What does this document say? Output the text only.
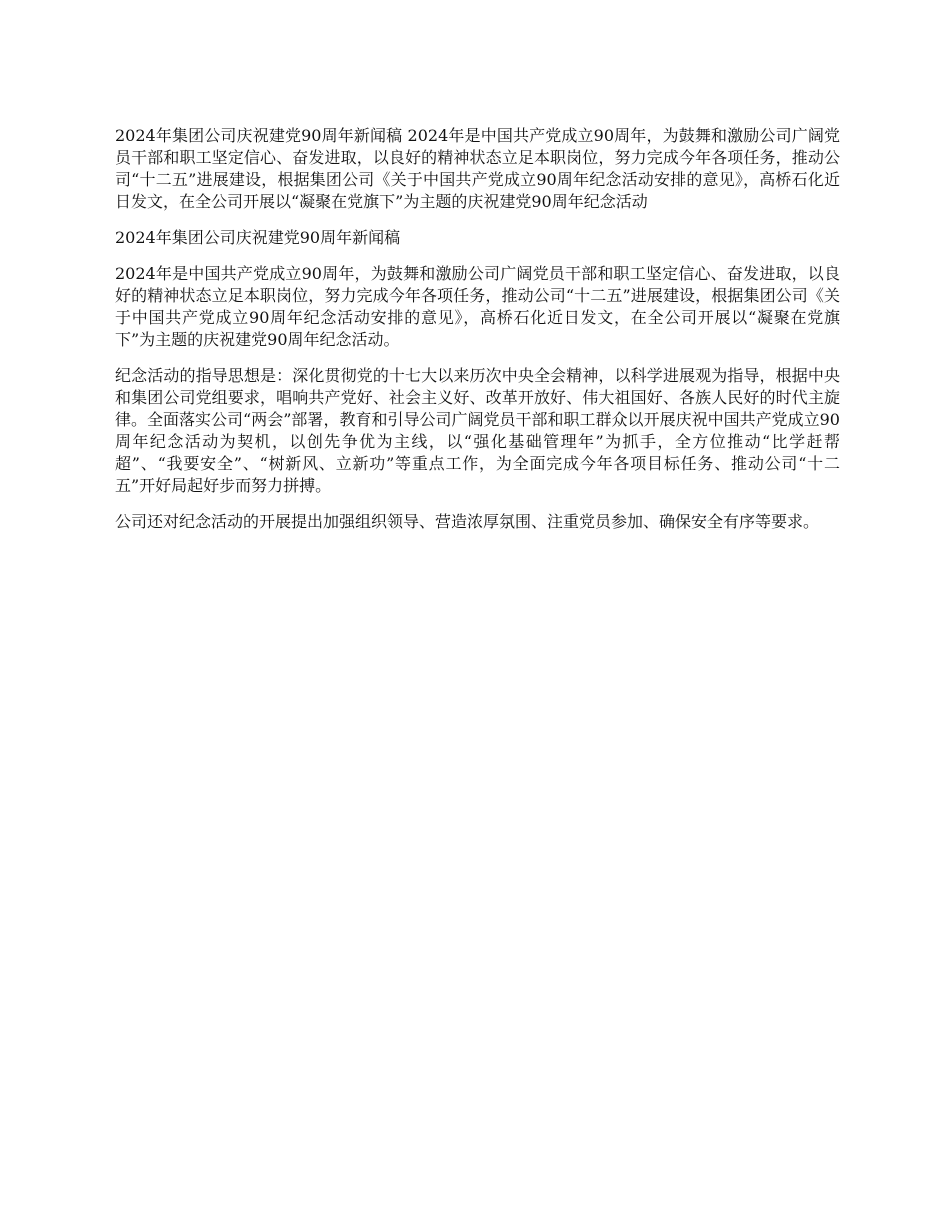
2024年集团公司庆祝建党90周年新闻稿 2024年是中国共产党成立90周年，为鼓舞和激励公司广阔党员干部和职工坚定信心、奋发进取，以良好的精神状态立足本职岗位，努力完成今年各项任务，推动公司“十二五”进展建设，根据集团公司《关于中国共产党成立90周年纪念活动安排的意见》，高桥石化近日发文，在全公司开展以“凝聚在党旗下”为主题的庆祝建党90周年纪念活动

2024年集团公司庆祝建党90周年新闻稿

2024年是中国共产党成立90周年，为鼓舞和激励公司广阔党员干部和职工坚定信心、奋发进取，以良好的精神状态立足本职岗位，努力完成今年各项任务，推动公司“十二五”进展建设，根据集团公司《关于中国共产党成立90周年纪念活动安排的意见》，高桥石化近日发文，在全公司开展以“凝聚在党旗下”为主题的庆祝建党90周年纪念活动。

纪念活动的指导思想是：深化贯彻党的十七大以来历次中央全会精神，以科学进展观为指导，根据中央和集团公司党组要求，唱响共产党好、社会主义好、改革开放好、伟大祖国好、各族人民好的时代主旋律。全面落实公司“两会”部署，教育和引导公司广阔党员干部和职工群众以开展庆祝中国共产党成立90周年纪念活动为契机，以创先争优为主线，以“强化基础管理年”为抓手，全方位推动“比学赶帮超”、“我要安全”、“树新风、立新功”等重点工作，为全面完成今年各项目标任务、推动公司“十二五”开好局起好步而努力拼搏。

公司还对纪念活动的开展提出加强组织领导、营造浓厚氛围、注重党员参加、确保安全有序等要求。
